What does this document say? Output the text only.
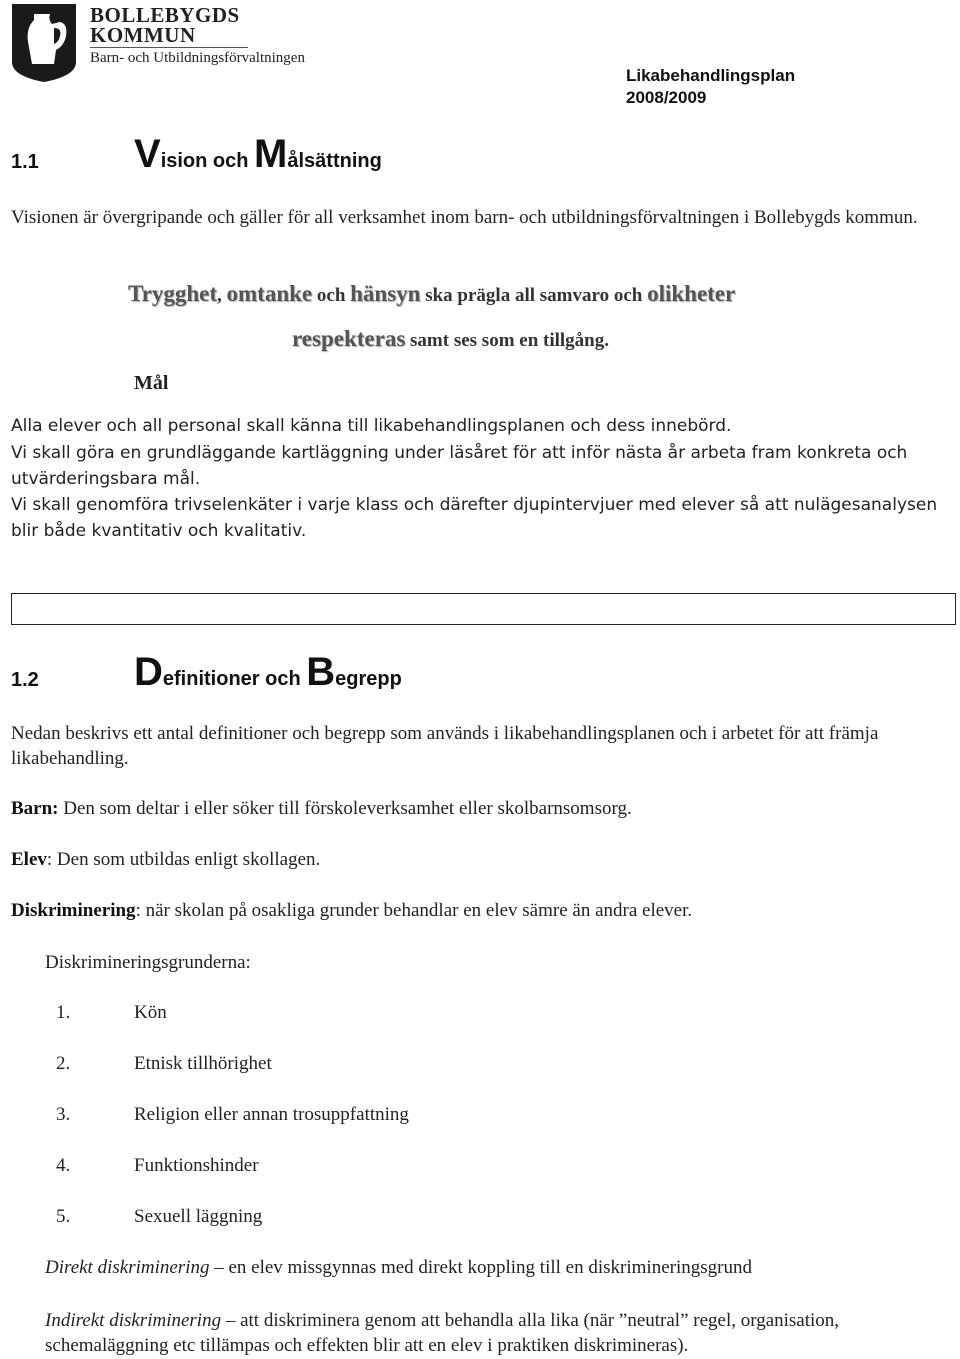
BOLLEBYGDS
KOMMUN
Barn- och Utbildningsförvaltningen
Likabehandlingsplan
2008/2009
1.1 Vision och Målsättning
Visionen är övergripande och gäller för all verksamhet inom barn- och utbildningsförvaltningen i Bollebygds kommun.
Trygghet, omtanke och hänsyn ska prägla all samvaro och olikheter
respekteras samt ses som en tillgång.
Mål
Alla elever och all personal skall känna till likabehandlingsplanen och dess innebörd.
Vi skall göra en grundläggande kartläggning under läsåret för att inför nästa år arbeta fram konkreta och utvärderingsbara mål.
Vi skall genomföra trivselenkäter i varje klass och därefter djupintervjuer med elever så att nulägesanalysen blir både kvantitativ och kvalitativ.
1.2 Definitioner och Begrepp
Nedan beskrivs ett antal definitioner och begrepp som används i likabehandlingsplanen och i arbetet för att främja likabehandling.
Barn: Den som deltar i eller söker till förskoleverksamhet eller skolbarnsomsorg.
Elev: Den som utbildas enligt skollagen.
Diskriminering: när skolan på osakliga grunder behandlar en elev sämre än andra elever.
Diskrimineringsgrunderna:
1.	Kön
2.	Etnisk tillhörighet
3.	Religion eller annan trosuppfattning
4.	Funktionshinder
5.	Sexuell läggning
Direkt diskriminering – en elev missgynnas med direkt koppling till en diskrimineringsgrund
Indirekt diskriminering – att diskriminera genom att behandla alla lika (när ”neutral” regel, organisation, schemaläggning etc tillämpas och effekten blir att en elev i praktiken diskrimineras).
